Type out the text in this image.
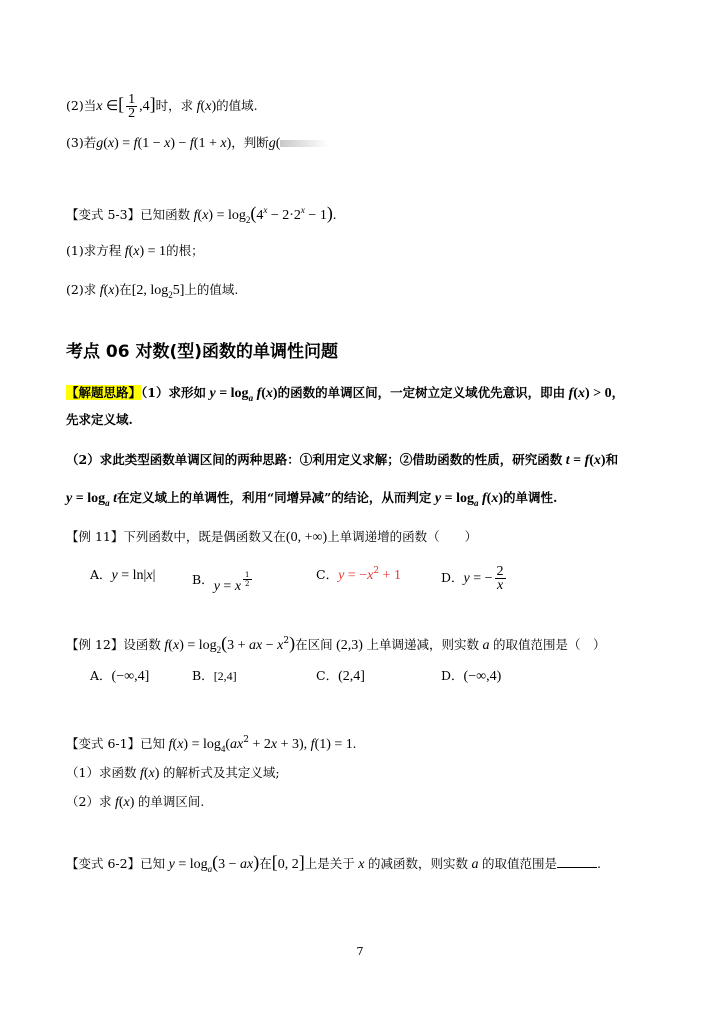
(2)当x ∈[ $\frac{1}{2} ,4$]时，求 f(x)的值域.
(3)若g(x) = f(1 − x) − f(1 + x)，判断g(
【变式 5-3】已知函数 $f(x) = \log_2(4^x - 2\cdot 2^x - 1)$.
(1)求方程 f(x) = 1的根；
(2)求 f(x)在[2, $\log_25$]上的值域.
考点 06 对数(型)函数的单调性问题
【解题思路】（1）求形如 $y = \log_a f(x)$的函数的单调区间，一定树立定义域优先意识，即由 f(x) > 0，
先求定义域.
（2）求此类型函数单调区间的两种思路：①利用定义求解；②借助函数的性质，研究函数 t = f(x)和
$y = \log_a t$在定义域上的单调性，利用“同增异减”的结论，从而判定 $y = \log_a f(x)$的单调性.
【例 11】下列函数中，既是偶函数又在(0, +∞)上单调递增的函数（　　）
A．y = ln|x|	B．y = x $^{\frac{1}{2}}$	C．$y = -x^2 + 1$	D．y = − $\frac{2}{x}$
【例 12】设函数 $f(x) = \log_2(3$ + ax − $x^2$)在区间 (2,3) 上单调递减，则实数 a 的取值范围是（　）
A．(−∞,4]	B．[2,4]	C．(2,4]	D．(−∞,4)
【变式 6-1】已知 $f(x) = \log_4(ax^2 + 2x + 3)$, f(1) = 1.
（1）求函数 f(x) 的解析式及其定义域;
（2）求 f(x) 的单调区间.
【变式 6-2】已知 $y = \log_a(3 - ax)$在[0, 2]上是关于 x 的减函数，则实数 a 的取值范围是	.
7
